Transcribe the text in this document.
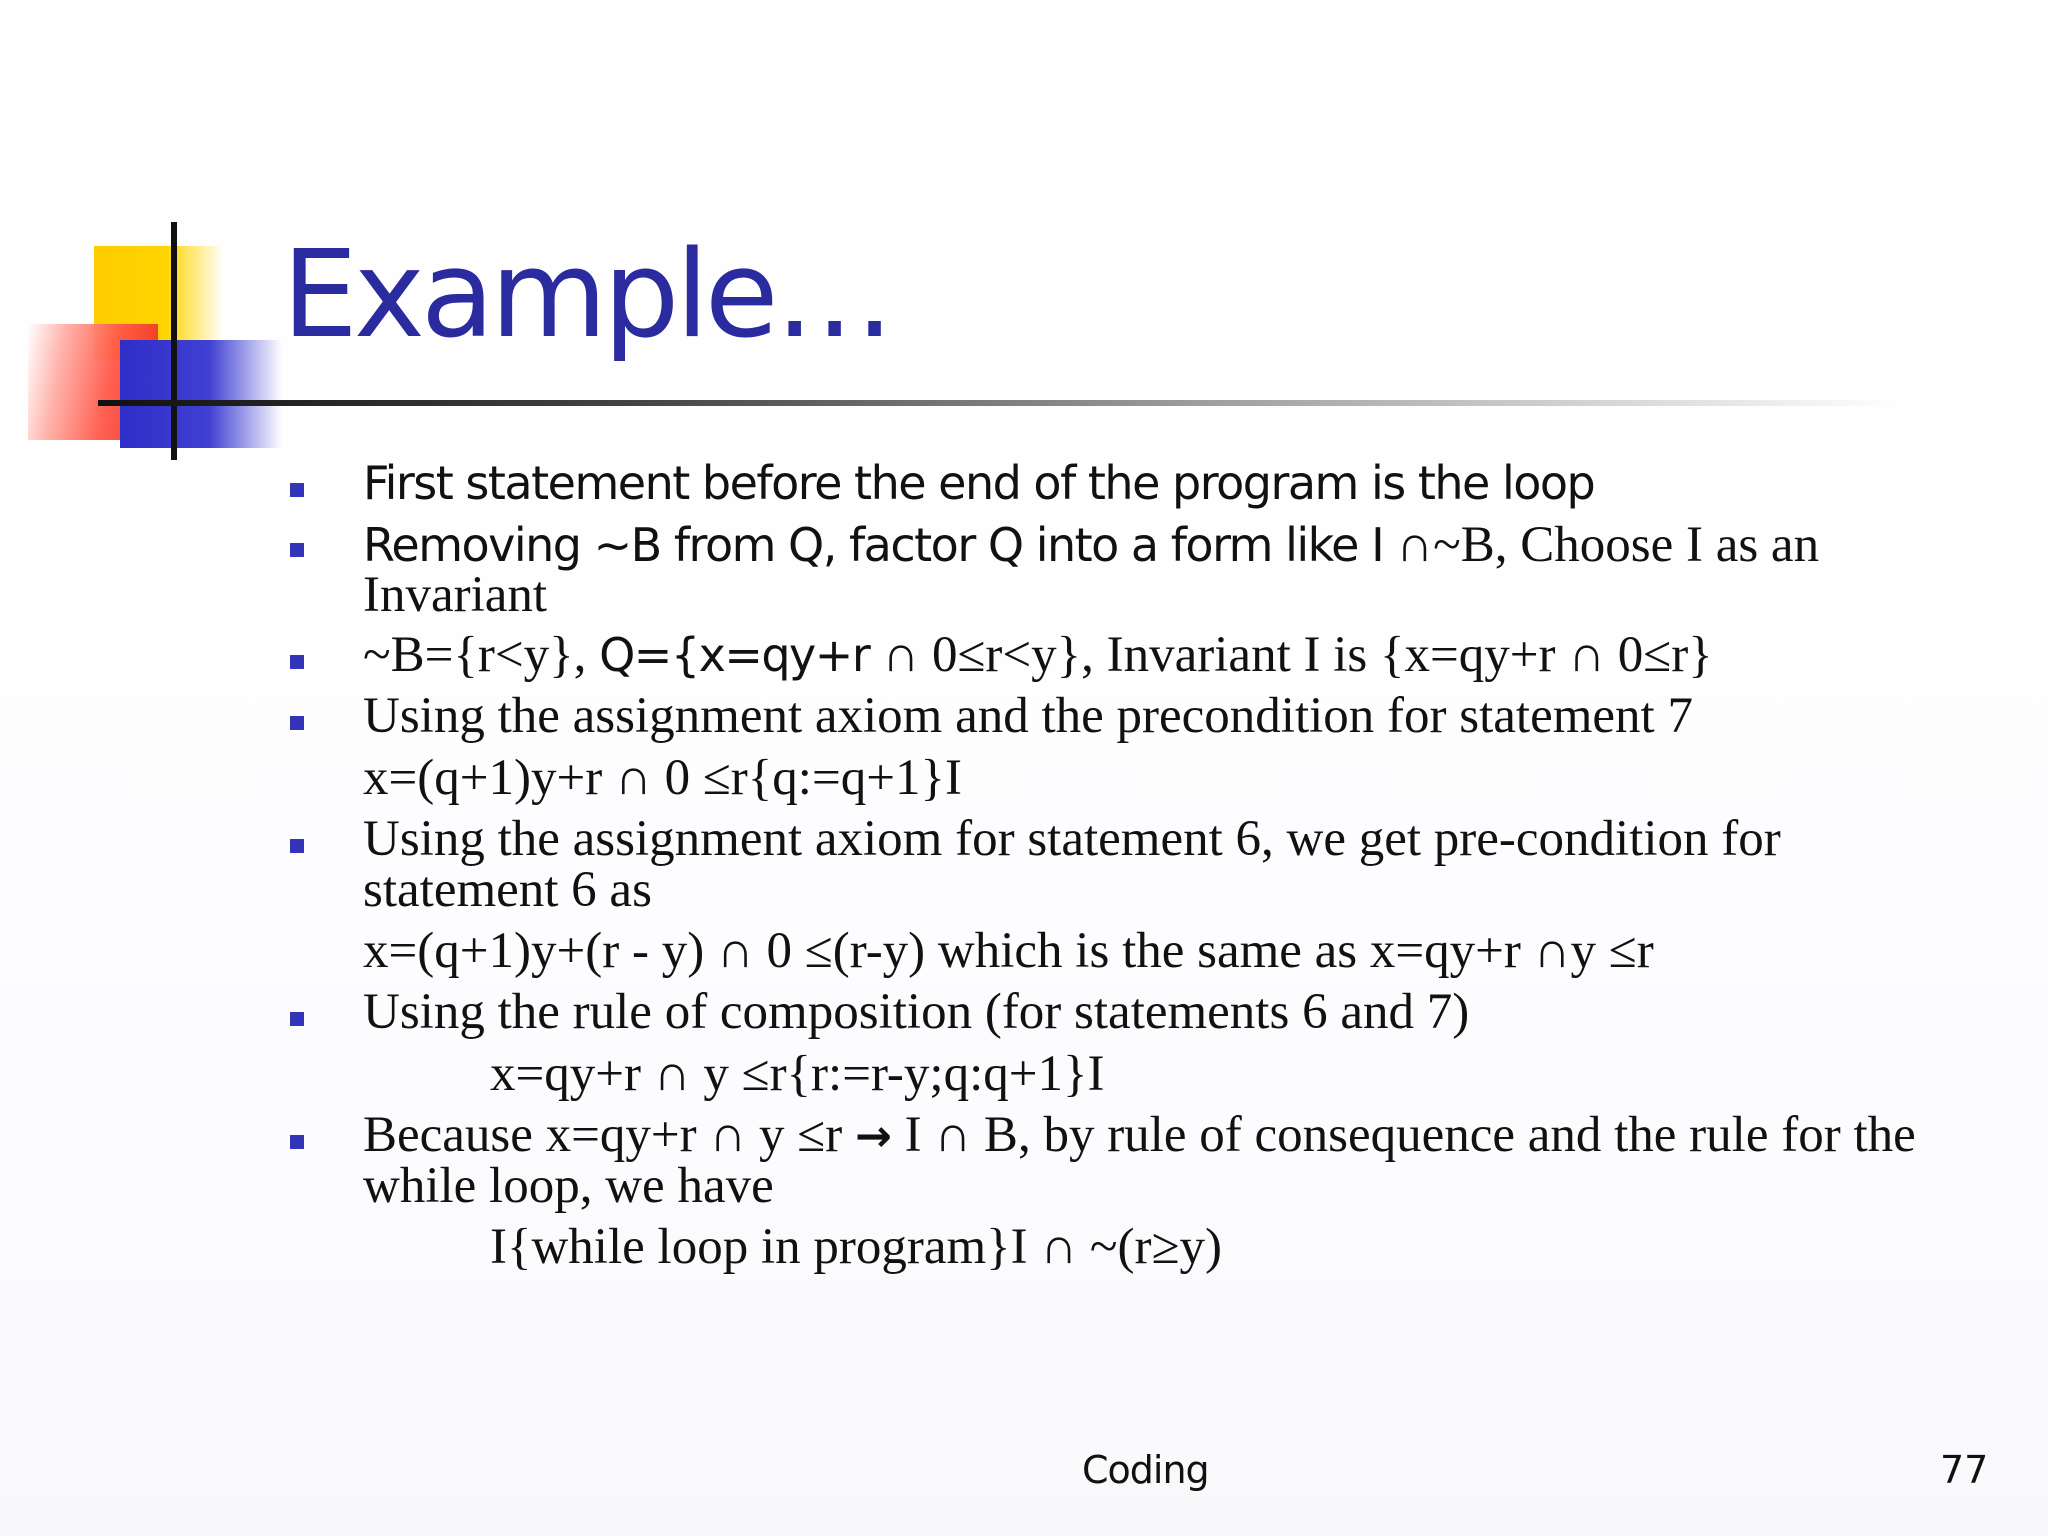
Example…
First statement before the end of the program is the loop
Removing ~B from Q, factor Q into a form like I ∩~B, Choose I as an
Invariant
~B={r<y}, Q={x=qy+r ∩ 0≤r<y}, Invariant I is {x=qy+r ∩ 0≤r}
Using the assignment axiom and the precondition for statement 7
x=(q+1)y+r ∩ 0 ≤r{q:=q+1}I
Using the assignment axiom for statement 6, we get pre-condition for
statement 6 as
x=(q+1)y+(r - y) ∩ 0 ≤(r-y) which is the same as x=qy+r ∩y ≤r
Using the rule of composition (for statements 6 and 7)
x=qy+r ∩ y ≤r{r:=r-y;q:q+1}I
Because x=qy+r ∩ y ≤r → I ∩ B, by rule of consequence and the rule for the
while loop, we have
I{while loop in program}I ∩ ~(r≥y)
Coding	77
